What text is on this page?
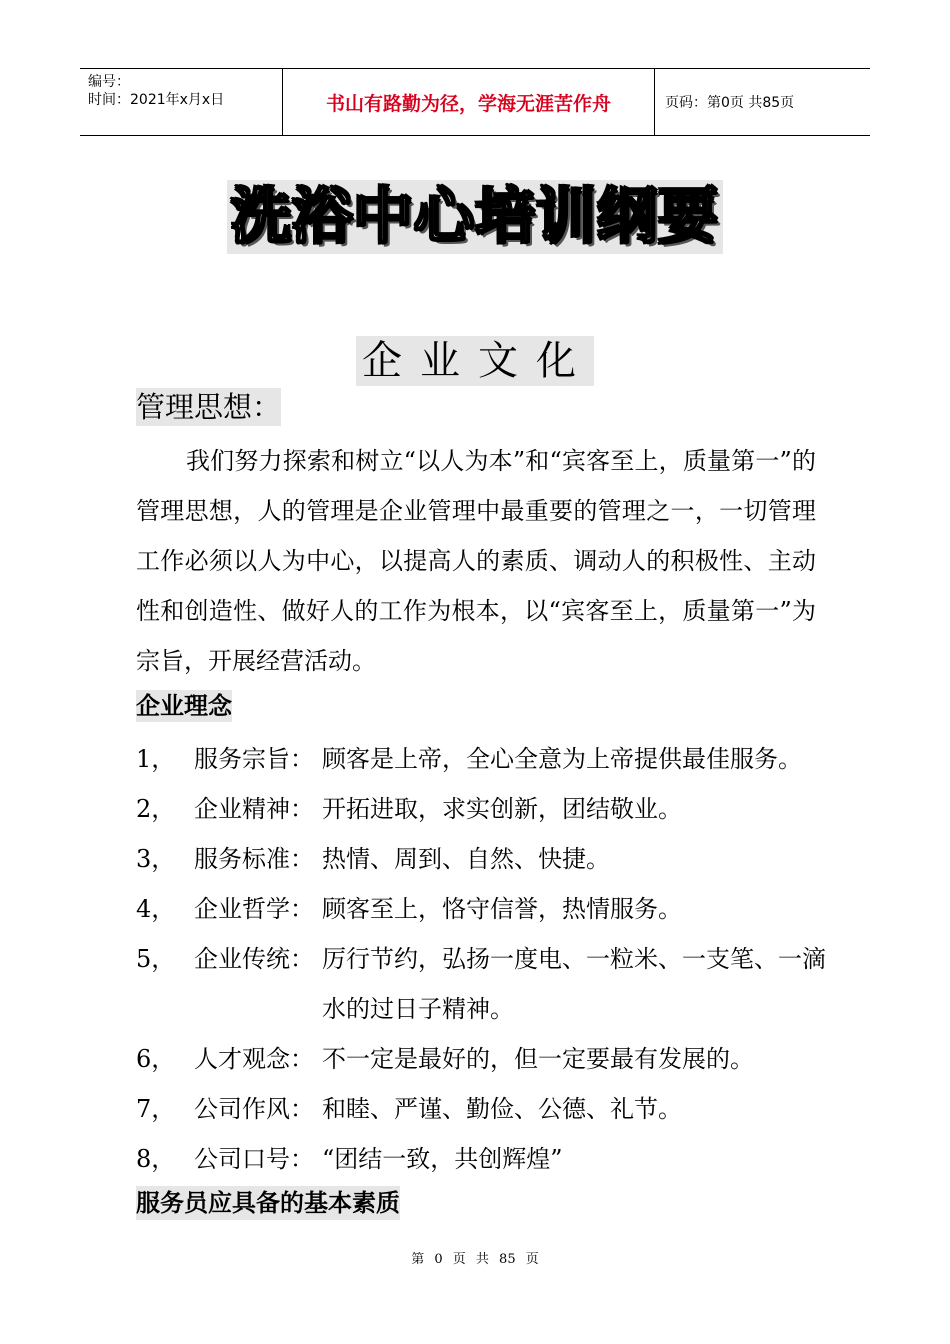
编号：
时间：2021年x月x日	书山有路勤为径，学海无涯苦作舟	页码：第0页 共85页
洗浴中心培训纲要
企业文化
管理思想：
我们努力探索和树立“以人为本”和“宾客至上，质量第一”的管理思想，人的管理是企业管理中最重要的管理之一，一切管理工作必须以人为中心，以提高人的素质、调动人的积极性、主动性和创造性、做好人的工作为根本，以“宾客至上，质量第一”为宗旨，开展经营活动。
企业理念
1， 服务宗旨： 顾客是上帝，全心全意为上帝提供最佳服务。
2， 企业精神： 开拓进取，求实创新，团结敬业。
3， 服务标准： 热情、周到、自然、快捷。
4， 企业哲学： 顾客至上，恪守信誉，热情服务。
5， 企业传统： 厉行节约，弘扬一度电、一粒米、一支笔、一滴水的过日子精神。
6， 人才观念： 不一定是最好的，但一定要最有发展的。
7， 公司作风： 和睦、严谨、勤俭、公德、礼节。
8， 公司口号： “团结一致，共创辉煌”
服务员应具备的基本素质
第 0 页 共 85 页
